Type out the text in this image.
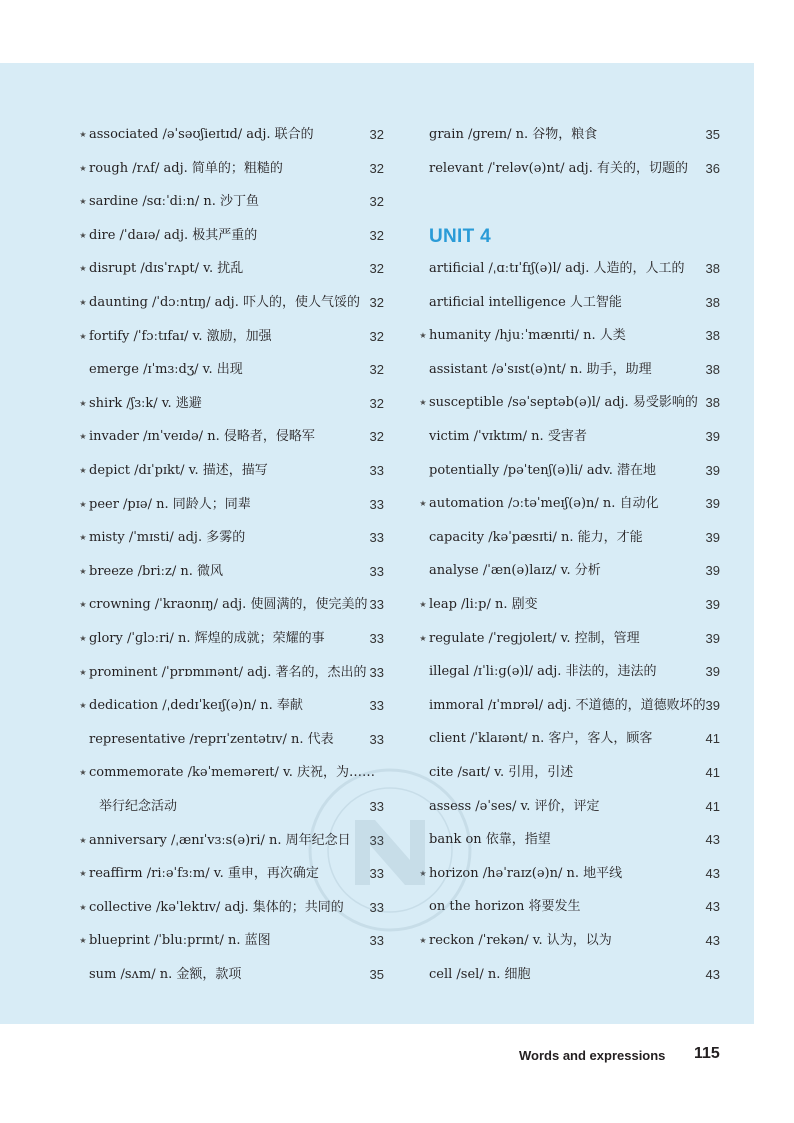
★ associated /əˈsəʊʃieɪtɪd/ adj. 联合的	32
★ rough /rʌf/ adj. 简单的；粗糙的	32
★ sardine /sɑːˈdiːn/ n. 沙丁鱼	32
★ dire /ˈdaɪə/ adj. 极其严重的	32
★ disrupt /dɪsˈrʌpt/ v. 扰乱	32
★ daunting /ˈdɔːntɪŋ/ adj. 吓人的，使人气馁的 32
★ fortify /ˈfɔːtɪfaɪ/ v. 激励，加强	32
emerge /ɪˈmɜːdʒ/ v. 出现	32
★ shirk /ʃɜːk/ v. 逃避	32
★ invader /ɪnˈveɪdə/ n. 侵略者，侵略军	32
★ depict /dɪˈpɪkt/ v. 描述，描写	33
★ peer /pɪə/ n. 同龄人；同辈	33
★ misty /ˈmɪsti/ adj. 多雾的	33
★ breeze /briːz/ n. 微风	33
★ crowning /ˈkraʊnɪŋ/ adj. 使圆满的，使完美的 33
★ glory /ˈɡlɔːri/ n. 辉煌的成就；荣耀的事	33
★ prominent /ˈprɒmɪnənt/ adj. 著名的，杰出的 33
★ dedication /ˌdedɪˈkeɪʃ(ə)n/ n. 奉献	33
representative /reprɪˈzentətɪv/ n. 代表	33
★ commemorate /kəˈmeməreɪt/ v. 庆祝，为……
举行纪念活动	33
★ anniversary /ˌænɪˈvɜːs(ə)ri/ n. 周年纪念日	33
★ reaffirm /riːəˈfɜːm/ v. 重申，再次确定	33
★ collective /kəˈlektɪv/ adj. 集体的；共同的	33
★ blueprint /ˈbluːprɪnt/ n. 蓝图	33
sum /sʌm/ n. 金额，款项	35
UNIT 4
grain /ɡreɪn/ n. 谷物，粮食	35
relevant /ˈreləv(ə)nt/ adj. 有关的，切题的	36
artificial /ˌɑːtɪˈfɪʃ(ə)l/ adj. 人造的，人工的	38
artificial intelligence 人工智能	38
★ humanity /hjuːˈmænɪti/ n. 人类	38
assistant /əˈsɪst(ə)nt/ n. 助手，助理	38
★ susceptible /səˈseptəb(ə)l/ adj. 易受影响的 38
victim /ˈvɪktɪm/ n. 受害者	39
potentially /pəˈtenʃ(ə)li/ adv. 潜在地	39
★ automation /ɔːtəˈmeɪʃ(ə)n/ n. 自动化	39
capacity /kəˈpæsɪti/ n. 能力，才能	39
analyse /ˈæn(ə)laɪz/ v. 分析	39
★ leap /liːp/ n. 剧变	39
★ regulate /ˈreɡjʊleɪt/ v. 控制，管理	39
illegal /ɪˈliːɡ(ə)l/ adj. 非法的，违法的	39
immoral /ɪˈmɒrəl/ adj. 不道德的，道德败坏的 39
client /ˈklaɪənt/ n. 客户，客人，顾客	41
cite /saɪt/ v. 引用，引述	41
assess /əˈses/ v. 评价，评定	41
bank on 依靠，指望	43
★ horizon /həˈraɪz(ə)n/ n. 地平线	43
on the horizon 将要发生	43
★ reckon /ˈrekən/ v. 认为，以为	43
cell /sel/ n. 细胞	43
Words and expressions 115
